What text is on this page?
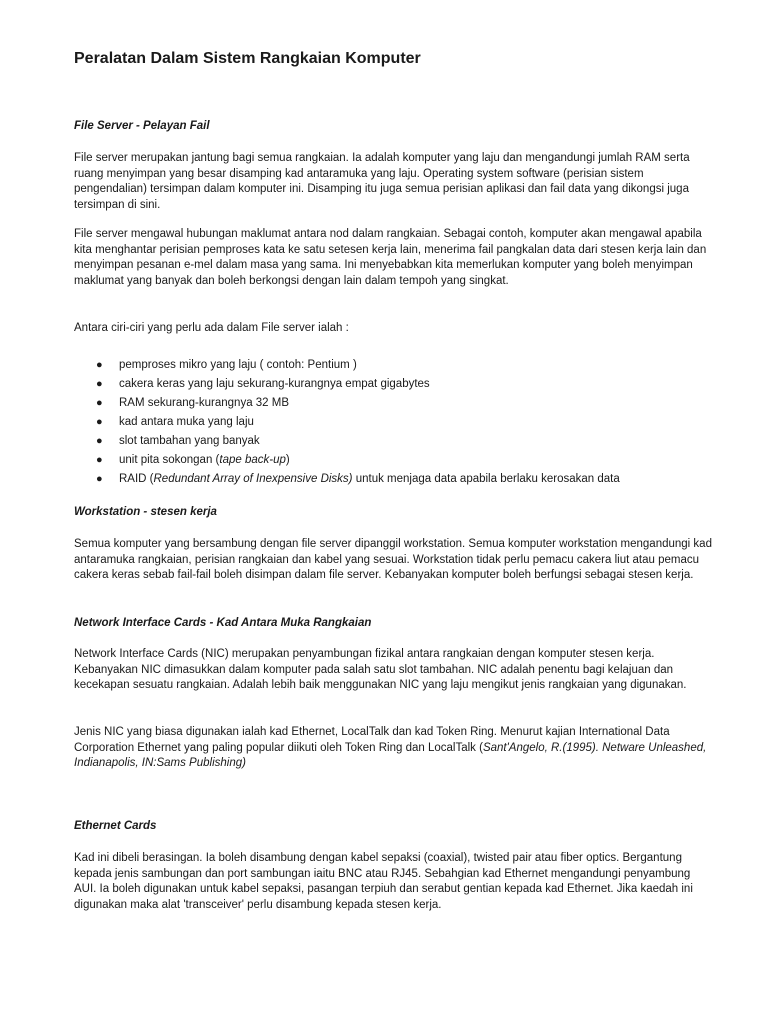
Peralatan Dalam Sistem Rangkaian Komputer
File Server - Pelayan Fail

File server merupakan jantung bagi semua rangkaian. Ia adalah komputer yang laju dan mengandungi jumlah RAM serta ruang menyimpan yang besar disamping kad antaramuka yang laju. Operating system software (perisian sistem pengendalian) tersimpan dalam komputer ini. Disamping itu juga semua perisian aplikasi dan fail data yang dikongsi juga tersimpan di sini.

File server mengawal hubungan maklumat antara nod dalam rangkaian. Sebagai contoh, komputer akan mengawal apabila kita menghantar perisian pemproses kata ke satu setesen kerja lain, menerima fail pangkalan data dari stesen kerja lain dan menyimpan pesanan e-mel dalam masa yang sama. Ini menyebabkan kita memerlukan komputer yang boleh menyimpan maklumat yang banyak dan boleh berkongsi dengan lain dalam tempoh yang singkat.

Antara ciri-ciri yang perlu ada dalam File server ialah :

● pemproses mikro yang laju ( contoh: Pentium )
● cakera keras yang laju sekurang-kurangnya empat gigabytes
● RAM sekurang-kurangnya 32 MB
● kad antara muka yang laju
● slot tambahan yang banyak
● unit pita sokongan (tape back-up)
● RAID (Redundant Array of Inexpensive Disks) untuk menjaga data apabila berlaku kerosakan data
Workstation - stesen kerja

Semua komputer yang bersambung dengan file server dipanggil workstation. Semua komputer workstation mengandungi kad antaramuka rangkaian, perisian rangkaian dan kabel yang sesuai. Workstation tidak perlu pemacu cakera liut atau pemacu cakera keras sebab fail-fail boleh disimpan dalam file server. Kebanyakan komputer boleh berfungsi sebagai stesen kerja.

Network Interface Cards - Kad Antara Muka Rangkaian

Network Interface Cards (NIC) merupakan penyambungan fizikal antara rangkaian dengan komputer stesen kerja. Kebanyakan NIC dimasukkan dalam komputer pada salah satu slot tambahan. NIC adalah penentu bagi kelajuan dan kecekapan sesuatu rangkaian. Adalah lebih baik menggunakan NIC yang laju mengikut jenis rangkaian yang digunakan.

Jenis NIC yang biasa digunakan ialah kad Ethernet, LocalTalk dan kad Token Ring. Menurut kajian International Data Corporation Ethernet yang paling popular diikuti oleh Token Ring dan LocalTalk (Sant'Angelo, R.(1995). Netware Unleashed, Indianapolis, IN:Sams Publishing)

Ethernet Cards

Kad ini dibeli berasingan. Ia boleh disambung dengan kabel sepaksi (coaxial), twisted pair atau fiber optics. Bergantung kepada jenis sambungan dan port sambungan iaitu BNC atau RJ45. Sebahgian kad Ethernet mengandungi penyambung AUI. Ia boleh digunakan untuk kabel sepaksi, pasangan terpiuh dan serabut gentian kepada kad Ethernet. Jika kaedah ini digunakan maka alat 'transceiver' perlu disambung kepada stesen kerja.
